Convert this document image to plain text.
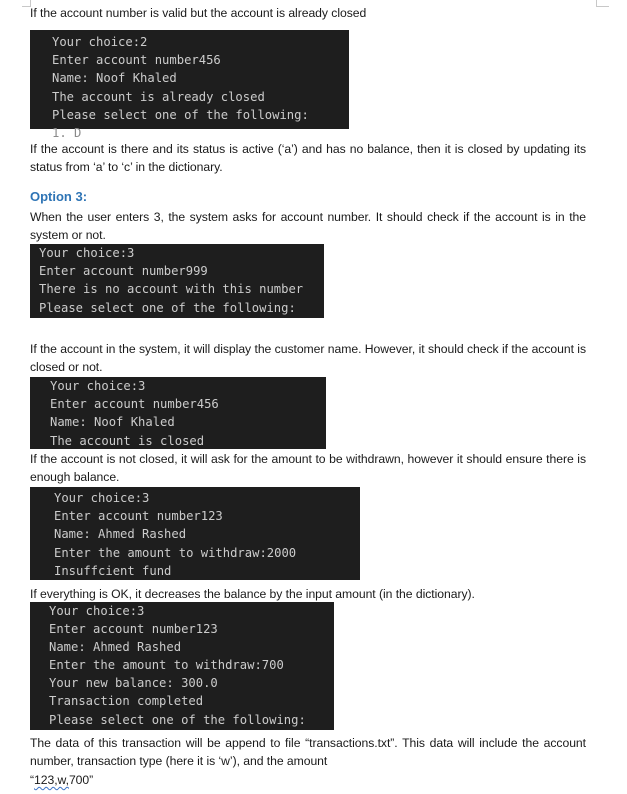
If the account number is valid but the account is already closed

Your choice:2
Enter account number456
Name: Noof Khaled
The account is already closed
Please select one of the following:
1. D

If the account is there and its status is active (‘a’) and has no balance, then it is closed by updating its status from ‘a’ to ‘c’ in the dictionary.

Option 3:

When the user enters 3, the system asks for account number. It should check if the account is in the system or not.

Your choice:3
Enter account number999
There is no account with this number
Please select one of the following:

If the account in the system, it will display the customer name. However, it should check if the account is closed or not.

Your choice:3
Enter account number456
Name: Noof Khaled
The account is closed

If the account is not closed, it will ask for the amount to be withdrawn, however it should ensure there is enough balance.

Your choice:3
Enter account number123
Name: Ahmed Rashed
Enter the amount to withdraw:2000
Insuffcient fund

If everything is OK, it decreases the balance by the input amount (in the dictionary).

Your choice:3
Enter account number123
Name: Ahmed Rashed
Enter the amount to withdraw:700
Your new balance: 300.0
Transaction completed
Please select one of the following:

The data of this transaction will be append to file “transactions.txt”. This data will include the account number, transaction type (here it is ‘w’), and the amount

“123,w,700”
